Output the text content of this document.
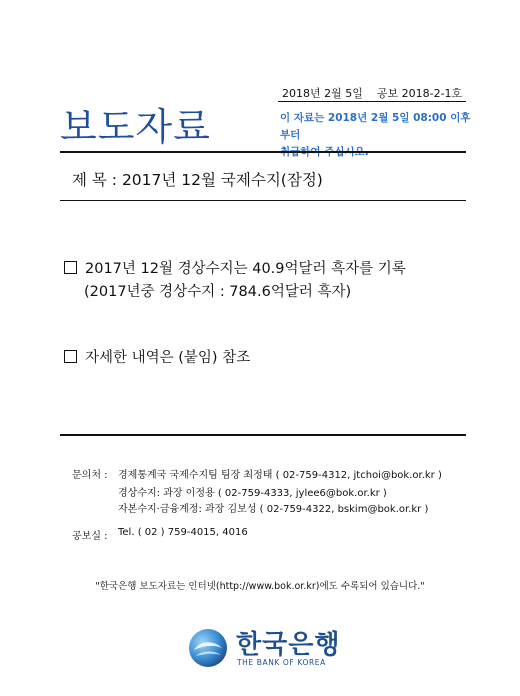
2018년 2월 5일 공보 2018-2-1호
보도자료	이 자료는 2018년 2월 5일 08:00 이후부터
제 목 : 2017년 12월 국제수지(잠정)
2017년 12월 경상수지는 40.9억달러 흑자를 기록
(2017년중 경상수지 : 784.6억달러 흑자)
자세한 내역은 (붙임) 참조
문의처 : 경제통계국 국제수지팀 팀장 최정태 ( 02-759-4312, jtchoi@bok.or.kr )
경상수지: 과장 이정용 ( 02-759-4333, jylee6@bok.or.kr )
자본수지·금융계정: 과장 김보성 ( 02-759-4322, bskim@bok.or.kr )
공보실 : Tel. ( 02 ) 759-4015, 4016
"한국은행 보도자료는 인터넷(http://www.bok.or.kr)에도 수록되어 있습니다."
한국은행
THE BANK OF KOREA
